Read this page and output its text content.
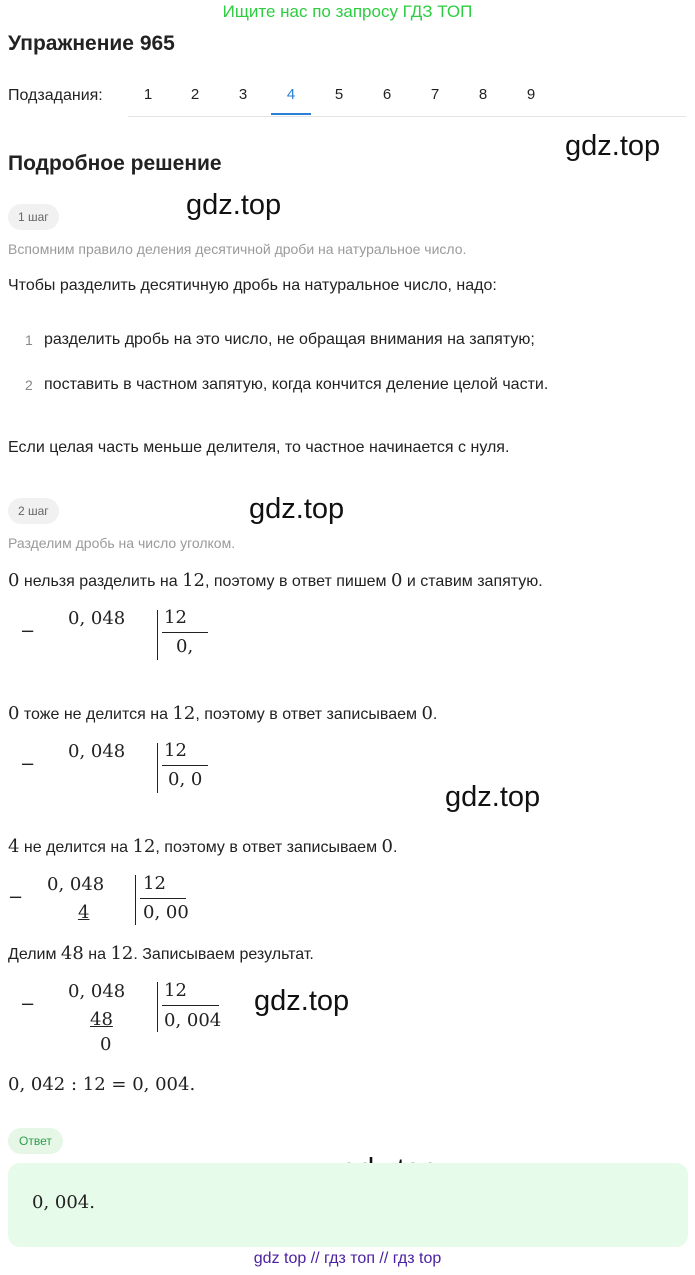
Ищите нас по запросу ГДЗ ТОП
Упражнение 965
Подзадания:	1	2	3	4	5	6	7	8	9
Подробное решение
gdz.top
gdz.top
gdz.top
gdz.top
gdz.top
1 шаг
Вспомним правило деления десятичной дроби на натуральное число.
Чтобы разделить десятичную дробь на натуральное число, надо:
1 разделить дробь на это число, не обращая внимания на запятую;
2 поставить в частном запятую, когда кончится деление целой части.
Если целая часть меньше делителя, то частное начинается с нуля.
2 шаг
Разделим дробь на число уголком.
0 нельзя разделить на 12, поэтому в ответ пишем 0 и ставим запятую.
−
0, 048 12
0,
0 тоже не делится на 12, поэтому в ответ записываем 0.
−
0, 048 12
0, 0
4 не делится на 12, поэтому в ответ записываем 0.
−
0, 048
4
12
0, 00
Делим 48 на 12. Записываем результат.
−
0, 048
48
0
12
0, 004
0, 042 : 12 = 0, 004.
Ответ
0, 004.
gdz top // гдз топ // гдз top
